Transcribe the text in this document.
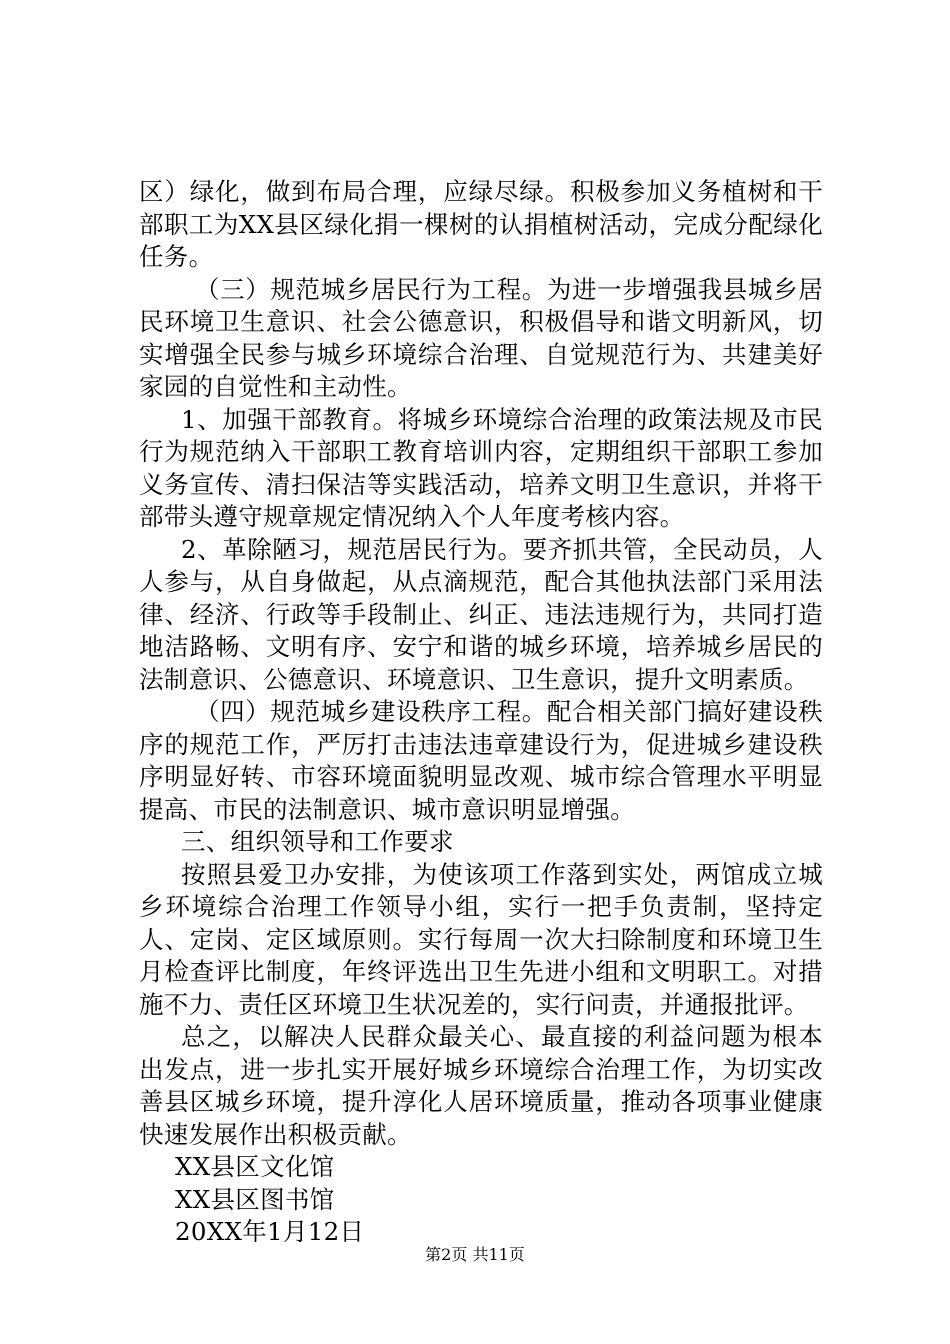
区）绿化，做到布局合理，应绿尽绿。积极参加义务植树和干部职工为XX县区绿化捐一棵树的认捐植树活动，完成分配绿化任务。

（三）规范城乡居民行为工程。为进一步增强我县城乡居民环境卫生意识、社会公德意识，积极倡导和谐文明新风，切实增强全民参与城乡环境综合治理、自觉规范行为、共建美好家园的自觉性和主动性。

1、加强干部教育。将城乡环境综合治理的政策法规及市民行为规范纳入干部职工教育培训内容，定期组织干部职工参加义务宣传、清扫保洁等实践活动，培养文明卫生意识，并将干部带头遵守规章规定情况纳入个人年度考核内容。

2、革除陋习，规范居民行为。要齐抓共管，全民动员，人人参与，从自身做起，从点滴规范，配合其他执法部门采用法律、经济、行政等手段制止、纠正、违法违规行为，共同打造地洁路畅、文明有序、安宁和谐的城乡环境，培养城乡居民的法制意识、公德意识、环境意识、卫生意识，提升文明素质。

（四）规范城乡建设秩序工程。配合相关部门搞好建设秩序的规范工作，严厉打击违法违章建设行为，促进城乡建设秩序明显好转、市容环境面貌明显改观、城市综合管理水平明显提高、市民的法制意识、城市意识明显增强。

三、组织领导和工作要求

按照县爱卫办安排，为使该项工作落到实处，两馆成立城乡环境综合治理工作领导小组，实行一把手负责制，坚持定人、定岗、定区域原则。实行每周一次大扫除制度和环境卫生月检查评比制度，年终评选出卫生先进小组和文明职工。对措施不力、责任区环境卫生状况差的，实行问责，并通报批评。

总之，以解决人民群众最关心、最直接的利益问题为根本出发点，进一步扎实开展好城乡环境综合治理工作，为切实改善县区城乡环境，提升淳化人居环境质量，推动各项事业健康快速发展作出积极贡献。

XX县区文化馆

XX县区图书馆

20XX年1月12日

第2页 共11页
